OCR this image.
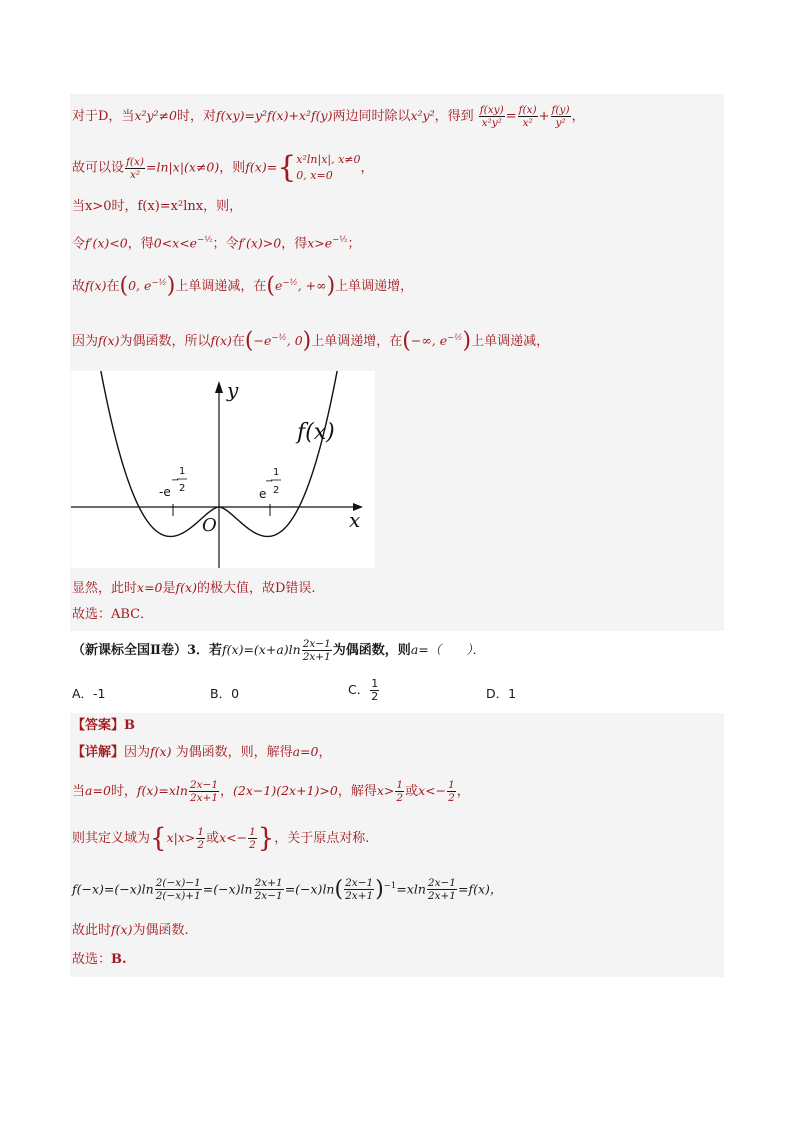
对于D，当x²y²≠0时，对f(xy)=y²f(x)+x²f(y)两边同时除以x²y²，得到 $\frac{f(xy)}{\text{x²y²}} = \frac{f(x)}{\text{x²}} + \frac{f(y)}{\text{y²}}$ ，
故可以设 $\frac{f(x)}{\text{x²}} =\ln|x|(x\ne 0)$，则f(x)={ x²ln|x|, x≠0
0, x=0	，
当x>0时，f(x)=x²lnx，则，
令f′(x)<0，得$0<x<e^{-\frac{1}{2}}$；令f′(x)>0，得$x>e^{-\frac{1}{2}}$；
故f(x)在(0, $e^{-\frac{1}{2}}$)上单调递减，在($e^{-\frac{1}{2}}$, +∞)上单调递增，
因为f(x)为偶函数，所以f(x)在($-e^{-\frac{1}{2}}$, 0)上单调递增，在(−∞, $e^{-\frac{1}{2}}$)上单调递减，
y
x
O
f(x)
-e
1
−
2	e
1
−
2
显然，此时x=0是f(x)的极大值，故D错误.
故选：ABC．
（新课标全国Ⅱ卷）3．若$f(x)=(x+a)\ln \frac{2x-1}{2x+1}$ 为偶函数，则a=（　　）．
A．-1	B．0	C． $\frac{1}{2}$	D．1
【答案】B
【详解】因为f(x) 为偶函数，则，解得a=0，
当a=0时，$f(x)=xln \frac{2x-1}{2x+1}$ ，(2x−1)(2x+1)>0，解得$x> \frac{1}{2}$ 或$x<- \frac{1}{2}$ ，
则其定义域为{$x|x> \frac{1}{2}$ 或$x<- \frac{1}{2}$ }，关于原点对称.
$f(-x)=(-x)\ln \frac{2(-x)-1}{2(-x)+1} =(-x)\ln \frac{2x+1}{2x-1} =(-x)\ln( \frac{2x-1}{2x+1} )^{-1}=xln \frac{2x-1}{2x+1} =f(x)$，
故此时f(x)为偶函数.
故选：B.
